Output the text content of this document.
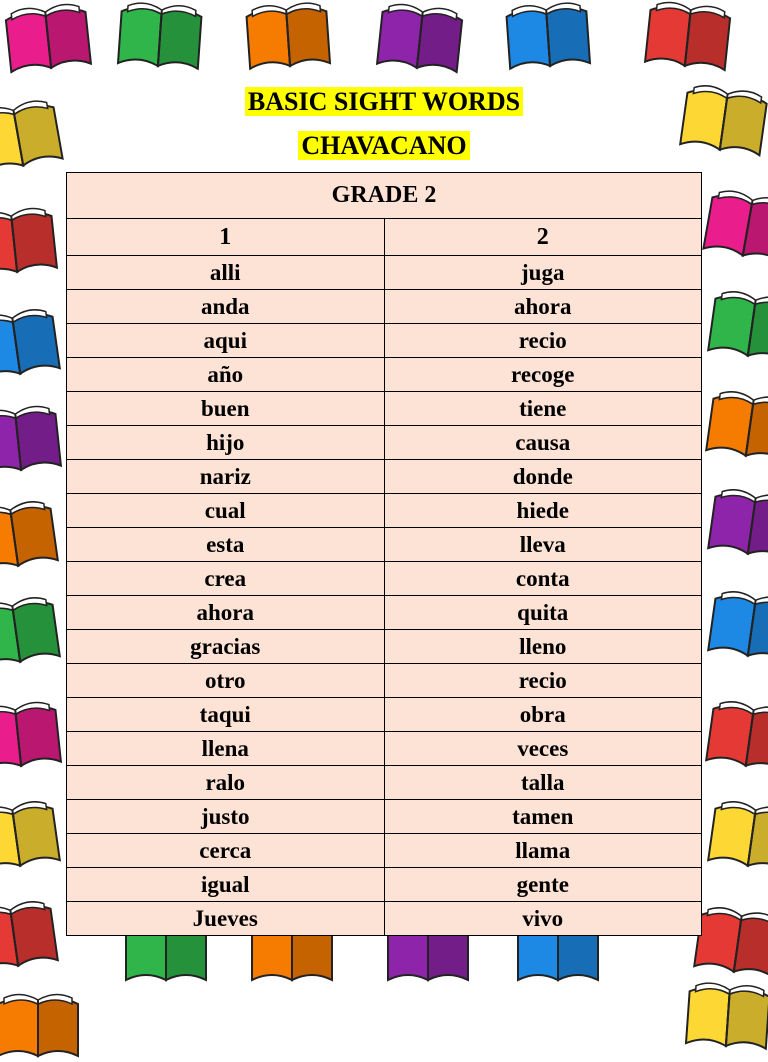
BASIC SIGHT WORDS
CHAVACANO
GRADE 2
1	2
alli	juga
anda	ahora
aqui	recio
año	recoge
buen	tiene
hijo	causa
nariz	donde
cual	hiede
esta	lleva
crea	conta
ahora	quita
gracias	lleno
otro	recio
taqui	obra
llena	veces
ralo	talla
justo	tamen
cerca	llama
igual	gente
Jueves	vivo
